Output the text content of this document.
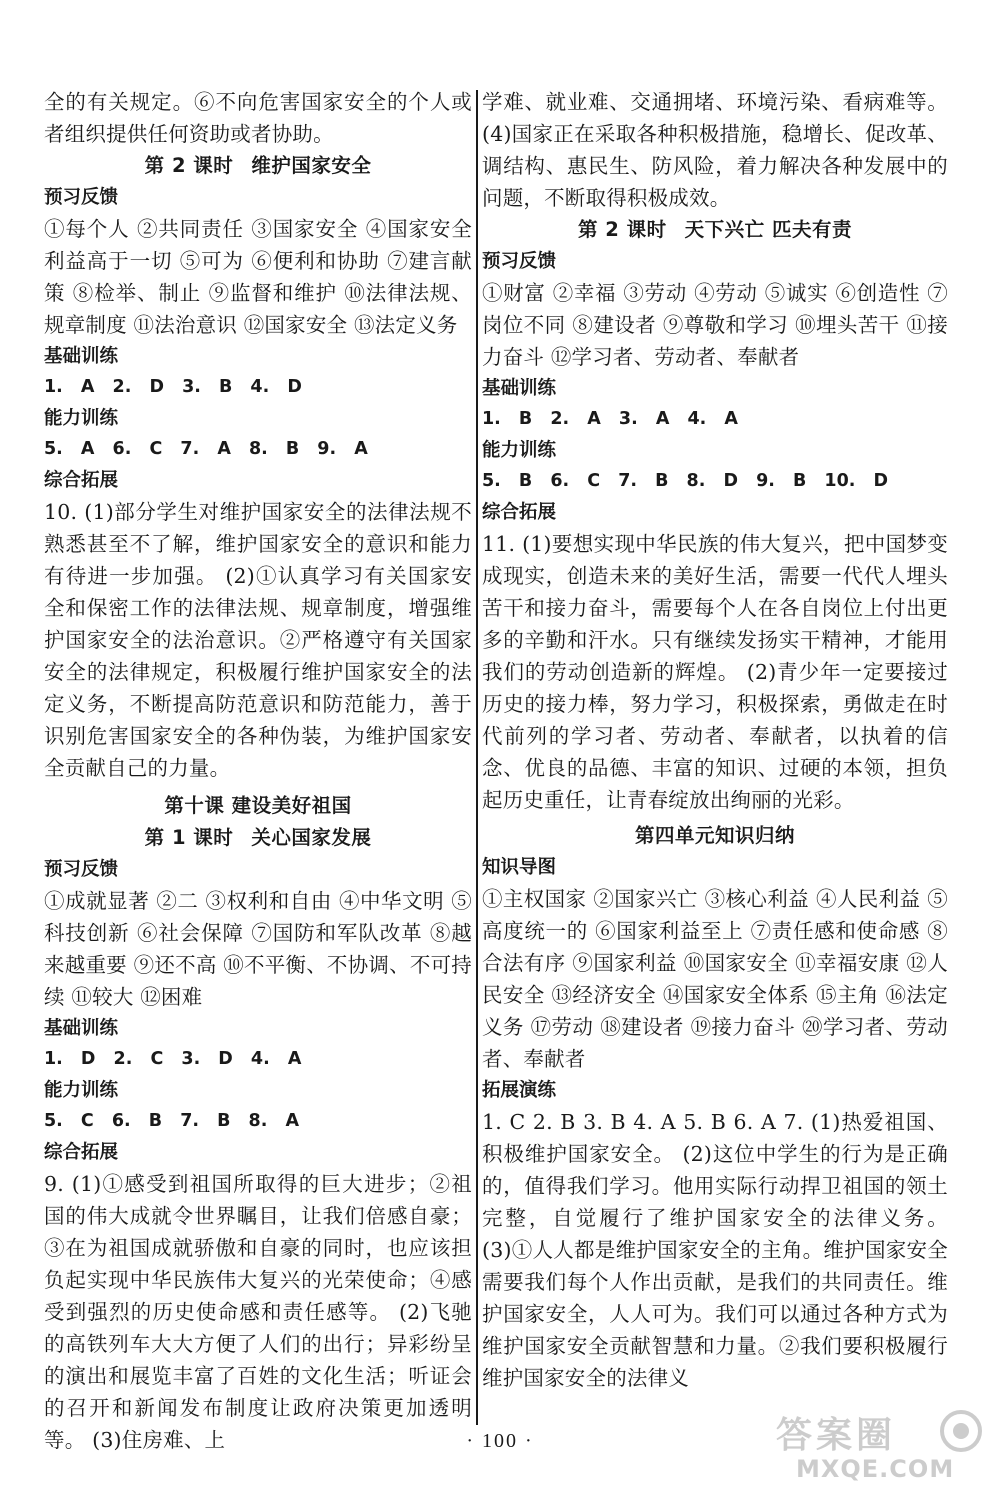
全的有关规定。⑥不向危害国家安全的个人或者组织提供任何资助或者协助。

第 2 课时 维护国家安全

预习反馈

①每个人 ②共同责任 ③国家安全 ④国家安全利益高于一切 ⑤可为 ⑥便利和协助 ⑦建言献策 ⑧检举、制止 ⑨监督和维护 ⑩法律法规、规章制度 ⑪法治意识 ⑫国家安全 ⑬法定义务

基础训练

1. A 2. D 3. B 4. D

能力训练

5. A 6. C 7. A 8. B 9. A

综合拓展

10. (1)部分学生对维护国家安全的法律法规不熟悉甚至不了解，维护国家安全的意识和能力有待进一步加强。 (2)①认真学习有关国家安全和保密工作的法律法规、规章制度，增强维护国家安全的法治意识。②严格遵守有关国家安全的法律规定，积极履行维护国家安全的法定义务，不断提高防范意识和防范能力，善于识别危害国家安全的各种伪装，为维护国家安全贡献自己的力量。

第十课 建设美好祖国

第 1 课时 关心国家发展

预习反馈

①成就显著 ②二 ③权利和自由 ④中华文明 ⑤科技创新 ⑥社会保障 ⑦国防和军队改革 ⑧越来越重要 ⑨还不高 ⑩不平衡、不协调、不可持续 ⑪较大 ⑫困难

基础训练

1. D 2. C 3. D 4. A

能力训练

5. C 6. B 7. B 8. A

综合拓展

9. (1)①感受到祖国所取得的巨大进步；②祖国的伟大成就令世界瞩目，让我们倍感自豪；③在为祖国成就骄傲和自豪的同时，也应该担负起实现中华民族伟大复兴的光荣使命；④感受到强烈的历史使命感和责任感等。 (2)飞驰的高铁列车大大方便了人们的出行；异彩纷呈的演出和展览丰富了百姓的文化生活；听证会的召开和新闻发布制度让政府决策更加透明等。 (3)住房难、上

学难、就业难、交通拥堵、环境污染、看病难等。 (4)国家正在采取各种积极措施，稳增长、促改革、调结构、惠民生、防风险，着力解决各种发展中的问题，不断取得积极成效。

第 2 课时 天下兴亡 匹夫有责

预习反馈

①财富 ②幸福 ③劳动 ④劳动 ⑤诚实 ⑥创造性 ⑦岗位不同 ⑧建设者 ⑨尊敬和学习 ⑩埋头苦干 ⑪接力奋斗 ⑫学习者、劳动者、奉献者

基础训练

1. B 2. A 3. A 4. A

能力训练

5. B 6. C 7. B 8. D 9. B 10. D

综合拓展

11. (1)要想实现中华民族的伟大复兴，把中国梦变成现实，创造未来的美好生活，需要一代代人埋头苦干和接力奋斗，需要每个人在各自岗位上付出更多的辛勤和汗水。只有继续发扬实干精神，才能用我们的劳动创造新的辉煌。 (2)青少年一定要接过历史的接力棒，努力学习，积极探索，勇做走在时代前列的学习者、劳动者、奉献者，以执着的信念、优良的品德、丰富的知识、过硬的本领，担负起历史重任，让青春绽放出绚丽的光彩。

第四单元知识归纳

知识导图

①主权国家 ②国家兴亡 ③核心利益 ④人民利益 ⑤高度统一的 ⑥国家利益至上 ⑦责任感和使命感 ⑧合法有序 ⑨国家利益 ⑩国家安全 ⑪幸福安康 ⑫人民安全 ⑬经济安全 ⑭国家安全体系 ⑮主角 ⑯法定义务 ⑰劳动 ⑱建设者 ⑲接力奋斗 ⑳学习者、劳动者、奉献者

拓展演练

1. C 2. B 3. B 4. A 5. B 6. A 7. (1)热爱祖国、积极维护国家安全。 (2)这位中学生的行为是正确的，值得我们学习。他用实际行动捍卫祖国的领土完整，自觉履行了维护国家安全的法律义务。 (3)①人人都是维护国家安全的主角。维护国家安全需要我们每个人作出贡献，是我们的共同责任。维护国家安全，人人可为。我们可以通过各种方式为维护国家安全贡献智慧和力量。②我们要积极履行维护国家安全的法律义

· 100 ·	答案圈
MXQE.COM
